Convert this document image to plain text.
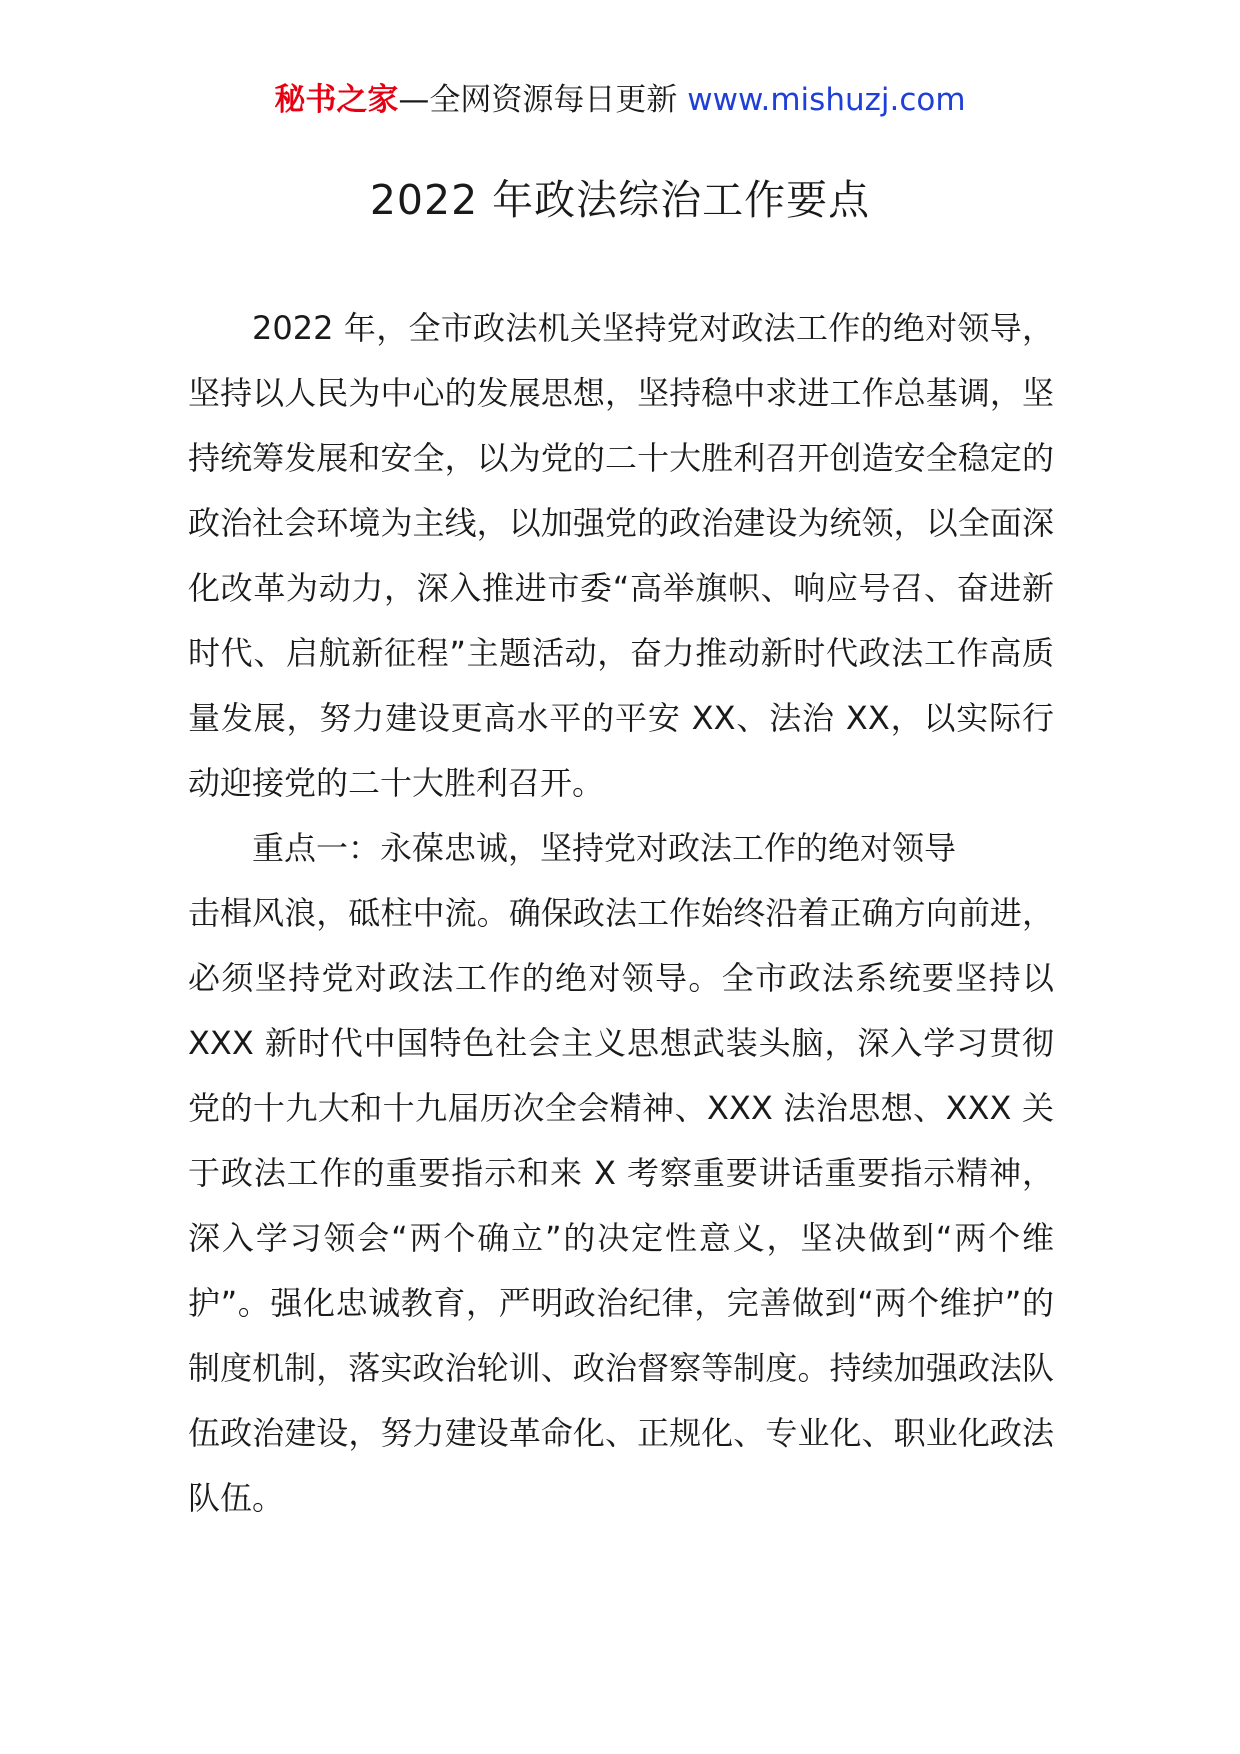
秘书之家—全网资源每日更新 www.mishuzj.com
2022 年政法综治工作要点

2022 年，全市政法机关坚持党对政法工作的绝对领导，坚持以人民为中心的发展思想，坚持稳中求进工作总基调，坚持统筹发展和安全，以为党的二十大胜利召开创造安全稳定的政治社会环境为主线，以加强党的政治建设为统领，以全面深化改革为动力，深入推进市委“高举旗帜、响应号召、奋进新时代、启航新征程”主题活动，奋力推动新时代政法工作高质量发展，努力建设更高水平的平安 XX、法治 XX，以实际行动迎接党的二十大胜利召开。

重点一：永葆忠诚，坚持党对政法工作的绝对领导

击楫风浪，砥柱中流。确保政法工作始终沿着正确方向前进，必须坚持党对政法工作的绝对领导。全市政法系统要坚持以 XXX 新时代中国特色社会主义思想武装头脑，深入学习贯彻党的十九大和十九届历次全会精神、XXX 法治思想、XXX 关于政法工作的重要指示和来 X 考察重要讲话重要指示精神，深入学习领会“两个确立”的决定性意义，坚决做到“两个维护”。强化忠诚教育，严明政治纪律，完善做到“两个维护”的制度机制，落实政治轮训、政治督察等制度。持续加强政法队伍政治建设，努力建设革命化、正规化、专业化、职业化政法队伍。
